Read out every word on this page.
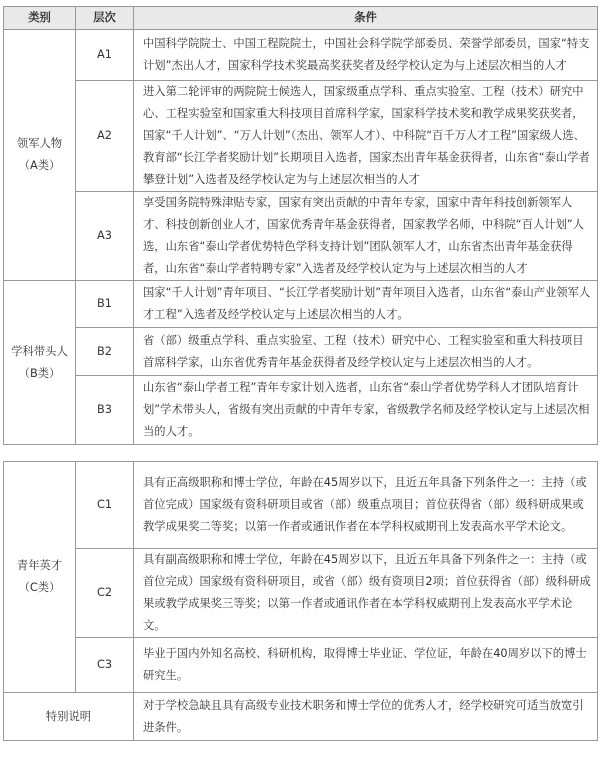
类别	层次	条件

领军人物
（A类）	A1	中国科学院院士、中国工程院院士，中国社会科学院学部委员、荣誉学部委员，国家“特支计划”杰出人才，国家科学技术奖最高奖获奖者及经学校认定为与上述层次相当的人才
	A2	进入第二轮评审的两院院士候选人，国家级重点学科、重点实验室、工程（技术）研究中心、工程实验室和国家重大科技项目首席科学家，国家科学技术奖和教学成果奖获奖者，国家“千人计划”、“万人计划”（杰出、领军人才）、中科院“百千万人才工程”国家级人选、教育部“长江学者奖励计划”长期项目入选者，国家杰出青年基金获得者，山东省“泰山学者攀登计划”入选者及经学校认定为与上述层次相当的人才
	A3	享受国务院特殊津贴专家，国家有突出贡献的中青年专家，国家中青年科技创新领军人才、科技创新创业人才，国家优秀青年基金获得者，国家教学名师，中科院“百人计划”人选，山东省“泰山学者优势特色学科支持计划”团队领军人才，山东省杰出青年基金获得者，山东省“泰山学者特聘专家”入选者及经学校认定为与上述层次相当的人才

学科带头人
（B类）	B1	国家“千人计划”青年项目、“长江学者奖励计划”青年项目入选者，山东省“泰山产业领军人才工程”入选者及经学校认定与上述层次相当的人才。
	B2	省（部）级重点学科、重点实验室、工程（技术）研究中心、工程实验室和重大科技项目首席科学家，山东省优秀青年基金获得者及经学校认定与上述层次相当的人才。
	B3	山东省“泰山学者工程”青年专家计划入选者，山东省“泰山学者优势学科人才团队培育计划”学术带头人，省级有突出贡献的中青年专家，省级教学名师及经学校认定与上述层次相当的人才。
青年英才
（C类）	C1	具有正高级职称和博士学位，年龄在45周岁以下，且近五年具备下列条件之一：主持（或首位完成）国家级有资科研项目或省（部）级重点项目；首位获得省（部）级科研成果或教学成果奖二等奖；以第一作者或通讯作者在本学科权威期刊上发表高水平学术论文。
	C2	具有副高级职称和博士学位，年龄在45周岁以下，且近五年具备下列条件之一：主持（或首位完成）国家级有资科研项目，或省（部）级有资项目2项；首位获得省（部）级科研成果或教学成果奖三等奖；以第一作者或通讯作者在本学科权威期刊上发表高水平学术论文。
	C3	毕业于国内外知名高校、科研机构，取得博士毕业证、学位证，年龄在40周岁以下的博士研究生。
特别说明		对于学校急缺且具有高级专业技术职务和博士学位的优秀人才，经学校研究可适当放宽引进条件。
